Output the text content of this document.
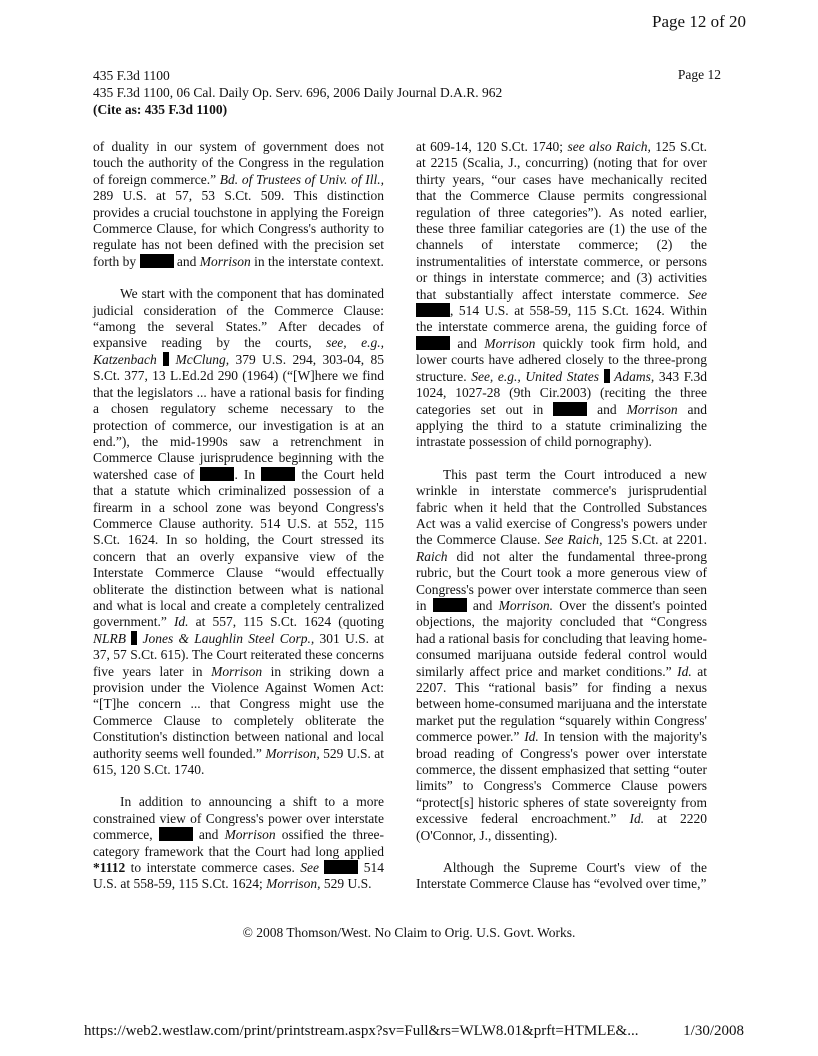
Page 12 of 20
435 F.3d 1100
435 F.3d 1100, 06 Cal. Daily Op. Serv. 696, 2006 Daily Journal D.A.R. 962
(Cite as: 435 F.3d 1100)
Page 12

of duality in our system of government does not touch the authority of the Congress in the regulation of foreign commerce.” Bd. of Trustees of Univ. of Ill., 289 U.S. at 57, 53 S.Ct. 509. This distinction provides a crucial touchstone in applying the Foreign Commerce Clause, for which Congress's authority to regulate has not been defined with the precision set forth by	and Morrison in the interstate context.

We start with the component that has dominated judicial consideration of the Commerce Clause: “among the several States.” After decades of expansive reading by the courts, see, e.g., Katzenbach McClung, 379 U.S. 294, 303-04, 85 S.Ct. 377, 13 L.Ed.2d 290 (1964) (“[W]here we find that the legislators ... have a rational basis for finding a chosen regulatory scheme necessary to the protection of commerce, our investigation is at an end.”), the mid-1990s saw a retrenchment in Commerce Clause jurisprudence beginning with the watershed case of	. In	the Court held that a statute which criminalized possession of a firearm in a school zone was beyond Congress's Commerce Clause authority. 514 U.S. at 552, 115 S.Ct. 1624. In so holding, the Court stressed its concern that an overly expansive view of the Interstate Commerce Clause “would effectually obliterate the distinction between what is national and what is local and create a completely centralized government.” Id. at 557, 115 S.Ct. 1624 (quoting NLRB Jones & Laughlin Steel Corp., 301 U.S. at 37, 57 S.Ct. 615). The Court reiterated these concerns five years later in Morrison in striking down a provision under the Violence Against Women Act: “[T]he concern ... that Congress might use the Commerce Clause to completely obliterate the Constitution's distinction between national and local authority seems well founded.” Morrison, 529 U.S. at 615, 120 S.Ct. 1740.

In addition to announcing a shift to a more constrained view of Congress's power over interstate commerce,	and Morrison ossified the three-category framework that the Court had long applied *1112 to interstate commerce cases. See	514 U.S. at 558-59, 115 S.Ct. 1624; Morrison, 529 U.S.

at 609-14, 120 S.Ct. 1740; see also Raich, 125 S.Ct. at 2215 (Scalia, J., concurring) (noting that for over thirty years, “our cases have mechanically recited that the Commerce Clause permits congressional regulation of three categories”). As noted earlier, these three familiar categories are (1) the use of the channels of interstate commerce; (2) the instrumentalities of interstate commerce, or persons or things in interstate commerce; and (3) activities that substantially affect interstate commerce. See , 514 U.S. at 558-59, 115 S.Ct. 1624. Within the interstate commerce arena, the guiding force of  and Morrison quickly took firm hold, and lower courts have adhered closely to the three-prong structure. See, e.g., United States Adams, 343 F.3d 1024, 1027-28 (9th Cir.2003) (reciting the three categories set out in	and Morrison and applying the third to a statute criminalizing the intrastate possession of child pornography).

This past term the Court introduced a new wrinkle in interstate commerce's jurisprudential fabric when it held that the Controlled Substances Act was a valid exercise of Congress's powers under the Commerce Clause. See Raich, 125 S.Ct. at 2201. Raich did not alter the fundamental three-prong rubric, but the Court took a more generous view of Congress's power over interstate commerce than seen in	and Morrison. Over the dissent's pointed objections, the majority concluded that “Congress had a rational basis for concluding that leaving home-consumed marijuana outside federal control would similarly affect price and market conditions.” Id. at 2207. This “rational basis” for finding a nexus between home-consumed marijuana and the interstate market put the regulation “squarely within Congress' commerce power.” Id. In tension with the majority's broad reading of Congress's power over interstate commerce, the dissent emphasized that setting “outer limits” to Congress's Commerce Clause powers “protect[s] historic spheres of state sovereignty from excessive federal encroachment.” Id. at 2220 (O'Connor, J., dissenting).

Although the Supreme Court's view of the Interstate Commerce Clause has “evolved over time,”

© 2008 Thomson/West. No Claim to Orig. U.S. Govt. Works.
https://web2.westlaw.com/print/printstream.aspx?sv=Full&rs=WLW8.01&prft=HTMLE&...	1/30/2008
